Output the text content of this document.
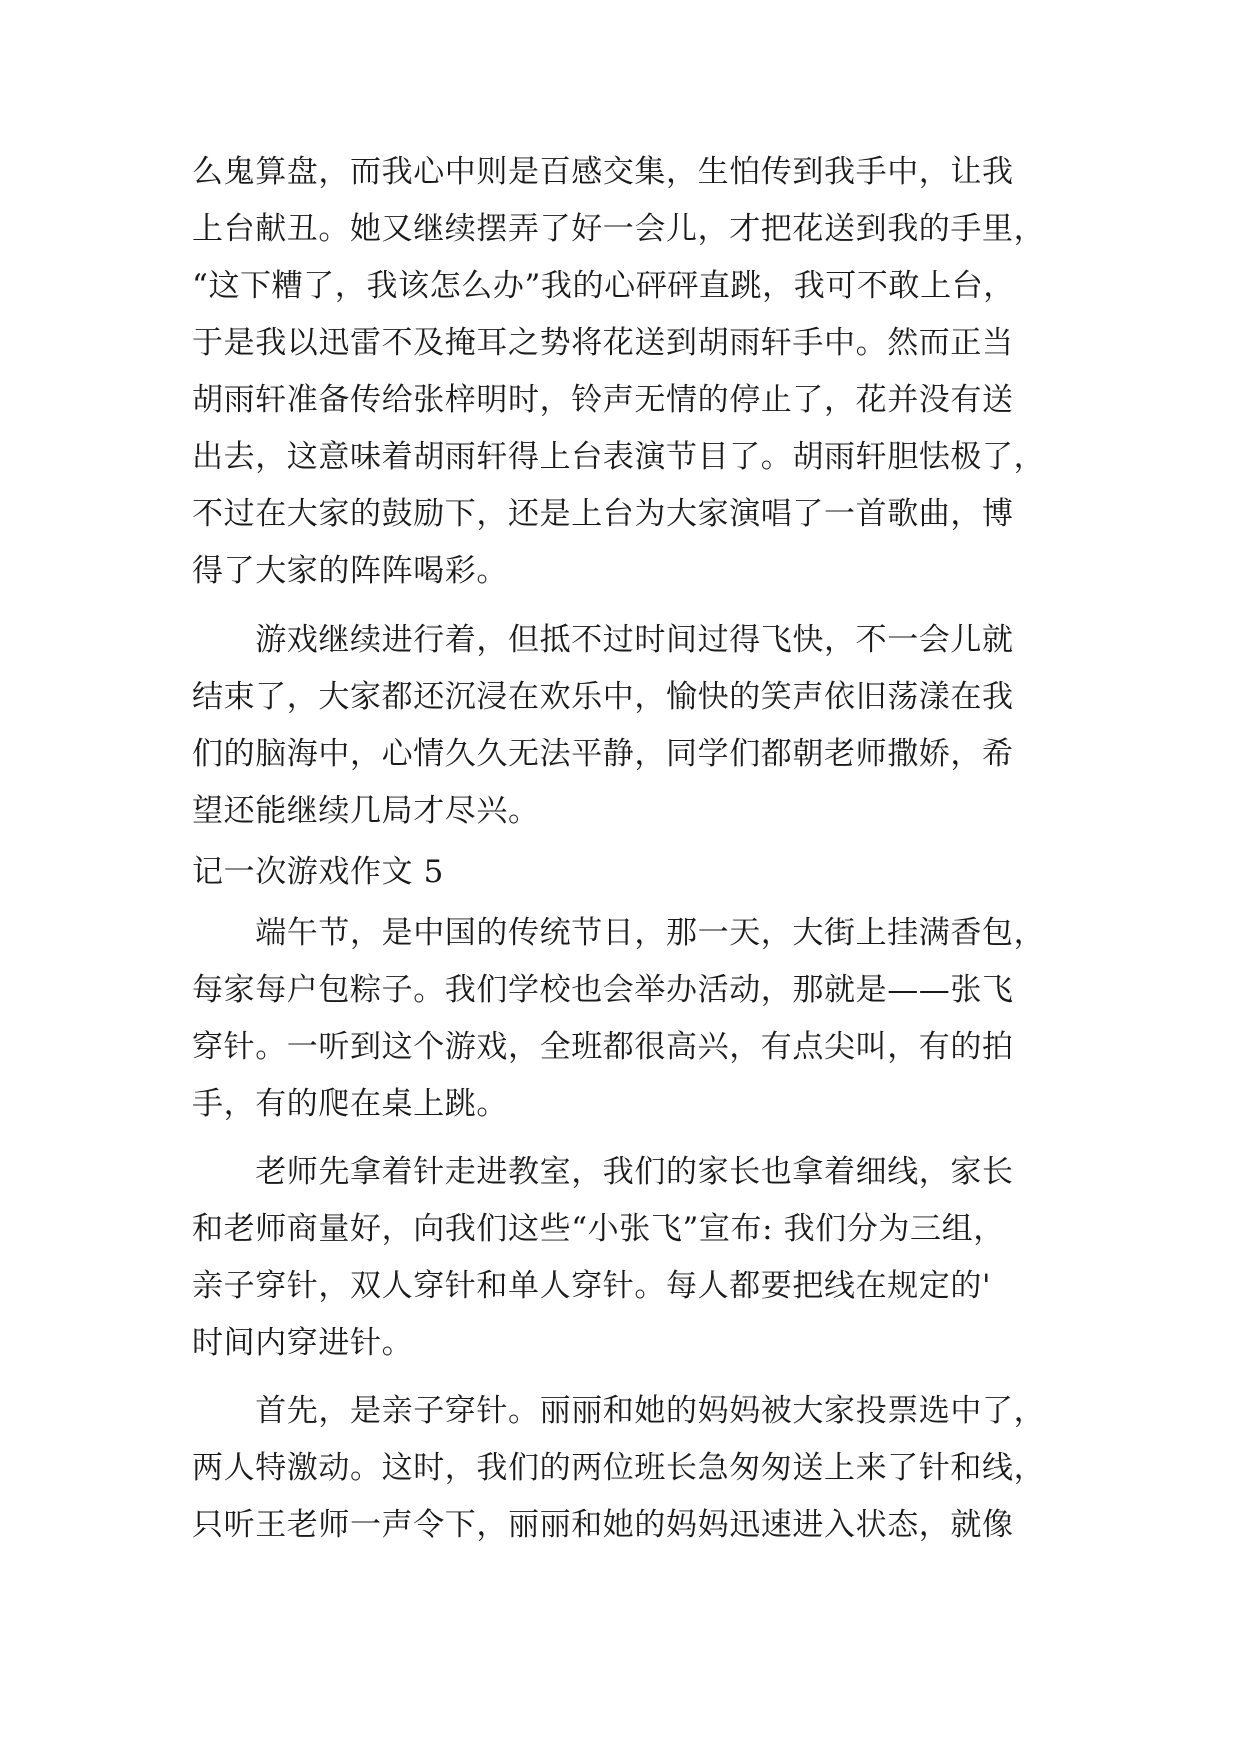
么鬼算盘，而我心中则是百感交集，生怕传到我手中，让我
上台献丑。她又继续摆弄了好一会儿，才把花送到我的手里，
“这下糟了，我该怎么办”我的心砰砰直跳，我可不敢上台，
于是我以迅雷不及掩耳之势将花送到胡雨轩手中。然而正当
胡雨轩准备传给张梓明时，铃声无情的停止了，花并没有送
出去，这意味着胡雨轩得上台表演节目了。胡雨轩胆怯极了，
不过在大家的鼓励下，还是上台为大家演唱了一首歌曲，博
得了大家的阵阵喝彩。
　　游戏继续进行着，但抵不过时间过得飞快，不一会儿就
结束了，大家都还沉浸在欢乐中，愉快的笑声依旧荡漾在我
们的脑海中，心情久久无法平静，同学们都朝老师撒娇，希
望还能继续几局才尽兴。
记一次游戏作文 5
　　端午节，是中国的传统节日，那一天，大街上挂满香包，
每家每户包粽子。我们学校也会举办活动，那就是——张飞
穿针。一听到这个游戏，全班都很高兴，有点尖叫，有的拍
手，有的爬在桌上跳。
　　老师先拿着针走进教室，我们的家长也拿着细线，家长
和老师商量好，向我们这些“小张飞”宣布: 我们分为三组，
亲子穿针，双人穿针和单人穿针。每人都要把线在规定的'
时间内穿进针。
　　首先，是亲子穿针。丽丽和她的妈妈被大家投票选中了，
两人特激动。这时，我们的两位班长急匆匆送上来了针和线，
只听王老师一声令下，丽丽和她的妈妈迅速进入状态，就像
